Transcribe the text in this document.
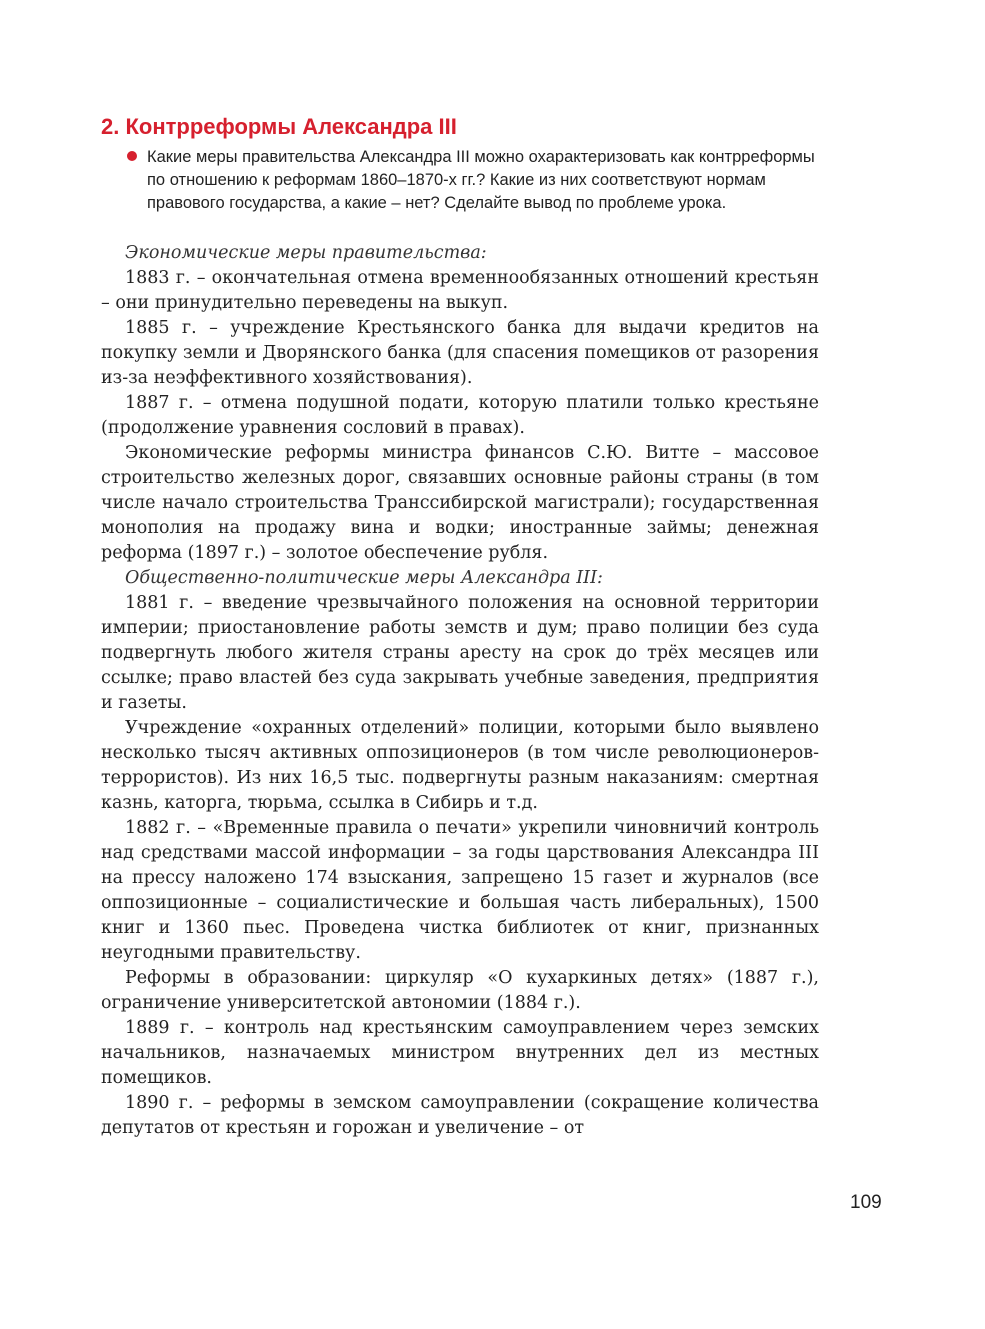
2. Контрреформы Александра III

Какие меры правительства Александра III можно охарактеризовать как контрреформы по отношению к реформам 1860–1870-х гг.? Какие из них соответствуют нормам правового государства, а какие – нет? Сделайте вывод по проблеме урока.

Экономические меры правительства:

1883 г. – окончательная отмена временнообязанных отношений крестьян – они принудительно переведены на выкуп.

1885 г. – учреждение Крестьянского банка для выдачи кредитов на покупку земли и Дворянского банка (для спасения помещиков от разорения из-за неэффективного хозяйствования).

1887 г. – отмена подушной подати, которую платили только крестьяне (продолжение уравнения сословий в правах).

Экономические реформы министра финансов С.Ю. Витте – массовое строительство железных дорог, связавших основные районы страны (в том числе начало строительства Транссибирской магистрали); государственная монополия на продажу вина и водки; иностранные займы; денежная реформа (1897 г.) – золотое обеспечение рубля.

Общественно-политические меры Александра III:

1881 г. – введение чрезвычайного положения на основной территории империи; приостановление работы земств и дум; право полиции без суда подвергнуть любого жителя страны аресту на срок до трёх месяцев или ссылке; право властей без суда закрывать учебные заведения, предприятия и газеты.

Учреждение «охранных отделений» полиции, которыми было выявлено несколько тысяч активных оппозиционеров (в том числе революционеров-террористов). Из них 16,5 тыс. подвергнуты разным наказаниям: смертная казнь, каторга, тюрьма, ссылка в Сибирь и т.д.

1882 г. – «Временные правила о печати» укрепили чиновничий контроль над средствами массой информации – за годы царствования Александра III на прессу наложено 174 взыскания, запрещено 15 газет и журналов (все оппозиционные – социалистические и большая часть либеральных), 1500 книг и 1360 пьес. Проведена чистка библиотек от книг, признанных неугодными правительству.

Реформы в образовании: циркуляр «О кухаркиных детях» (1887 г.), ограничение университетской автономии (1884 г.).

1889 г. – контроль над крестьянским самоуправлением через земских начальников, назначаемых министром внутренних дел из местных помещиков.

1890 г. – реформы в земском самоуправлении (сокращение количества депутатов от крестьян и горожан и увеличение – от

109
